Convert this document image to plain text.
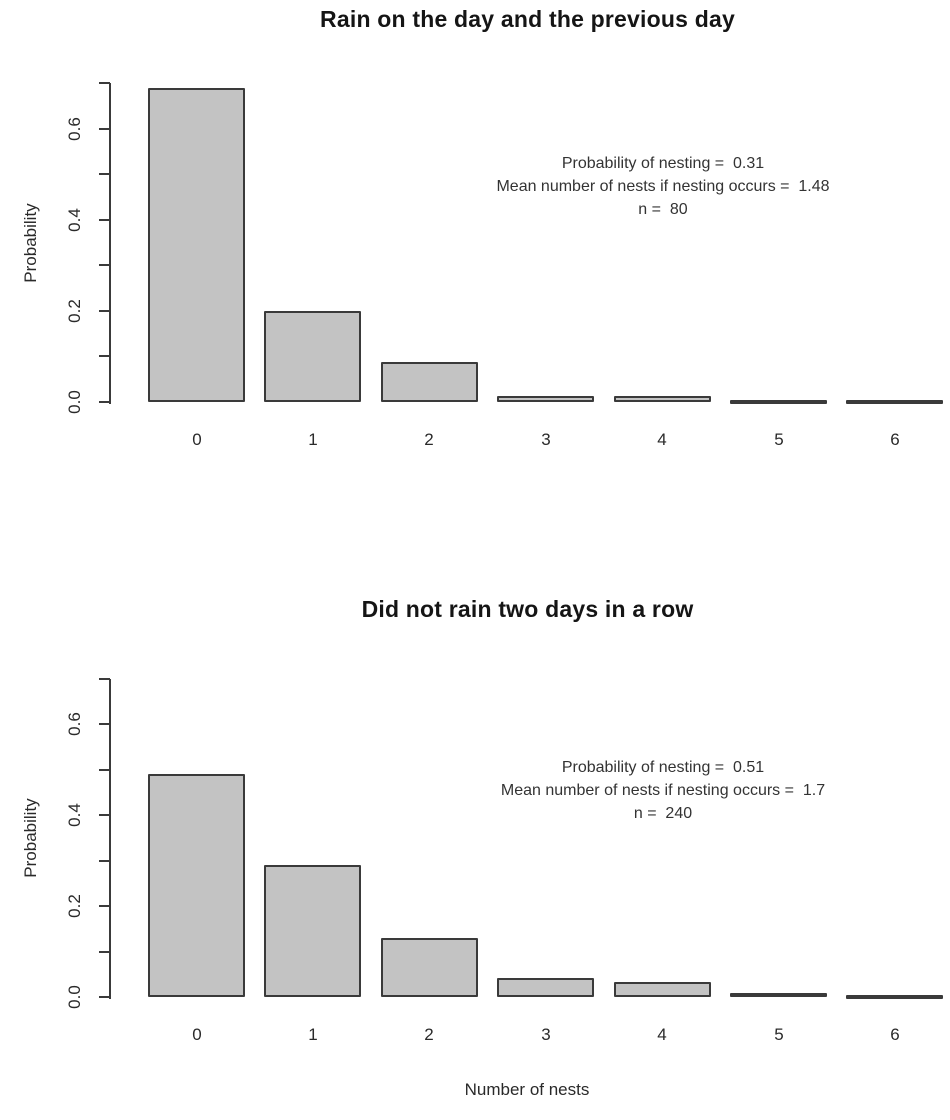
Rain on the day and the previous day
0.0
0.2
0.4
0.6
Probability
0	1	2	3	4	5	6
Probability of nesting =  0.31
Mean number of nests if nesting occurs =  1.48
n =  80
Did not rain two days in a row
0.0
0.2
0.4
0.6
Probability
0	1	2	3	4	5	6
Probability of nesting =  0.51
Mean number of nests if nesting occurs =  1.7
n =  240
Number of nests
